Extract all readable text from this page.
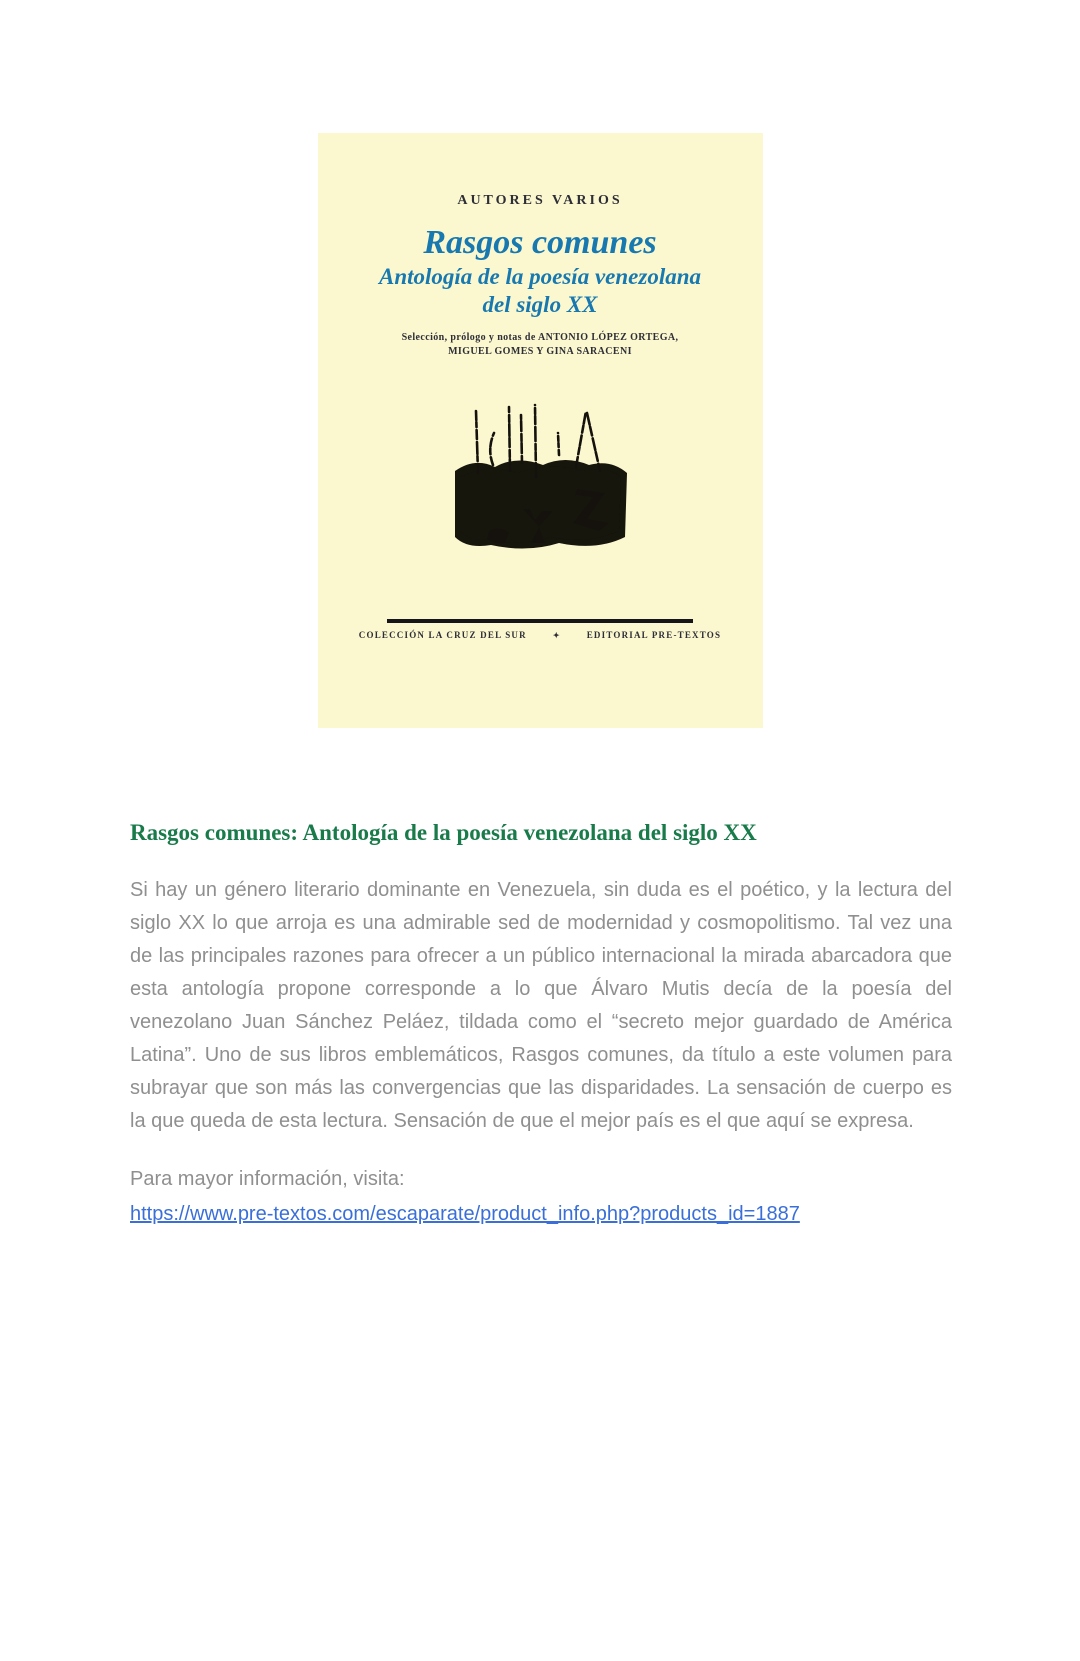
AUTORES VARIOS
Rasgos comunes
Antología de la poesía venezolana
del siglo XX
Selección, prólogo y notas de ANTONIO LÓPEZ ORTEGA,
MIGUEL GOMES Y GINA SARACENI
COLECCIÓN LA CRUZ DEL SUR	✦	EDITORIAL PRE-TEXTOS
Rasgos comunes: Antología de la poesía venezolana del siglo XX

Si hay un género literario dominante en Venezuela, sin duda es el poético, y la lectura del siglo XX lo que arroja es una admirable sed de modernidad y cosmopolitismo. Tal vez una de las principales razones para ofrecer a un público internacional la mirada abarcadora que esta antología propone corresponde a lo que Álvaro Mutis decía de la poesía del venezolano Juan Sánchez Peláez, tildada como el “secreto mejor guardado de América Latina”. Uno de sus libros emblemáticos, Rasgos comunes, da título a este volumen para subrayar que son más las convergencias que las disparidades. La sensación de cuerpo es la que queda de esta lectura. Sensación de que el mejor país es el que aquí se expresa.

Para mayor información, visita:

https://www.pre-textos.com/escaparate/product_info.php?products_id=1887
